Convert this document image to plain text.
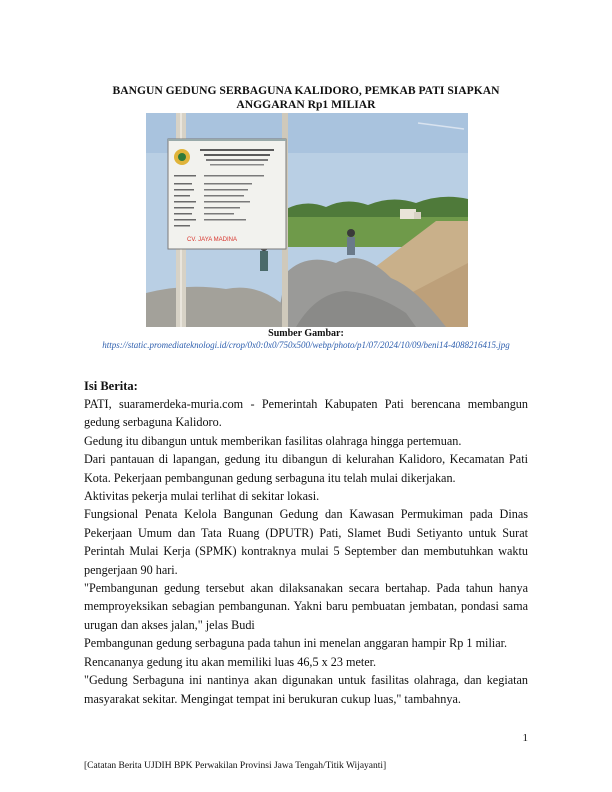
BANGUN GEDUNG SERBAGUNA KALIDORO, PEMKAB PATI SIAPKAN ANGGARAN Rp1 MILIAR
CV. JAYA MADINA
Sumber Gambar:
https://static.promediateknologi.id/crop/0x0:0x0/750x500/webp/photo/p1/07/2024/10/09/beni14-4088216415.jpg
Isi Berita:

PATI, suaramerdeka-muria.com - Pemerintah Kabupaten Pati berencana membangun gedung serbaguna Kalidoro.

Gedung itu dibangun untuk memberikan fasilitas olahraga hingga pertemuan.

Dari pantauan di lapangan, gedung itu dibangun di kelurahan Kalidoro, Kecamatan Pati Kota. Pekerjaan pembangunan gedung serbaguna itu telah mulai dikerjakan.

Aktivitas pekerja mulai terlihat di sekitar lokasi.

Fungsional Penata Kelola Bangunan Gedung dan Kawasan Permukiman pada Dinas Pekerjaan Umum dan Tata Ruang (DPUTR) Pati, Slamet Budi Setiyanto untuk Surat Perintah Mulai Kerja (SPMK) kontraknya mulai 5 September dan membutuhkan waktu pengerjaan 90 hari.

"Pembangunan gedung tersebut akan dilaksanakan secara bertahap. Pada tahun hanya memproyeksikan sebagian pembangunan. Yakni baru pembuatan jembatan, pondasi sama urugan dan akses jalan," jelas Budi

Pembangunan gedung serbaguna pada tahun ini menelan anggaran hampir Rp 1 miliar.

Rencananya gedung itu akan memiliki luas 46,5 x 23 meter.

"Gedung Serbaguna ini nantinya akan digunakan untuk fasilitas olahraga, dan kegiatan masyarakat sekitar. Mengingat tempat ini berukuran cukup luas," tambahnya.

1
[Catatan Berita UJDIH BPK Perwakilan Provinsi Jawa Tengah/Titik Wijayanti]
